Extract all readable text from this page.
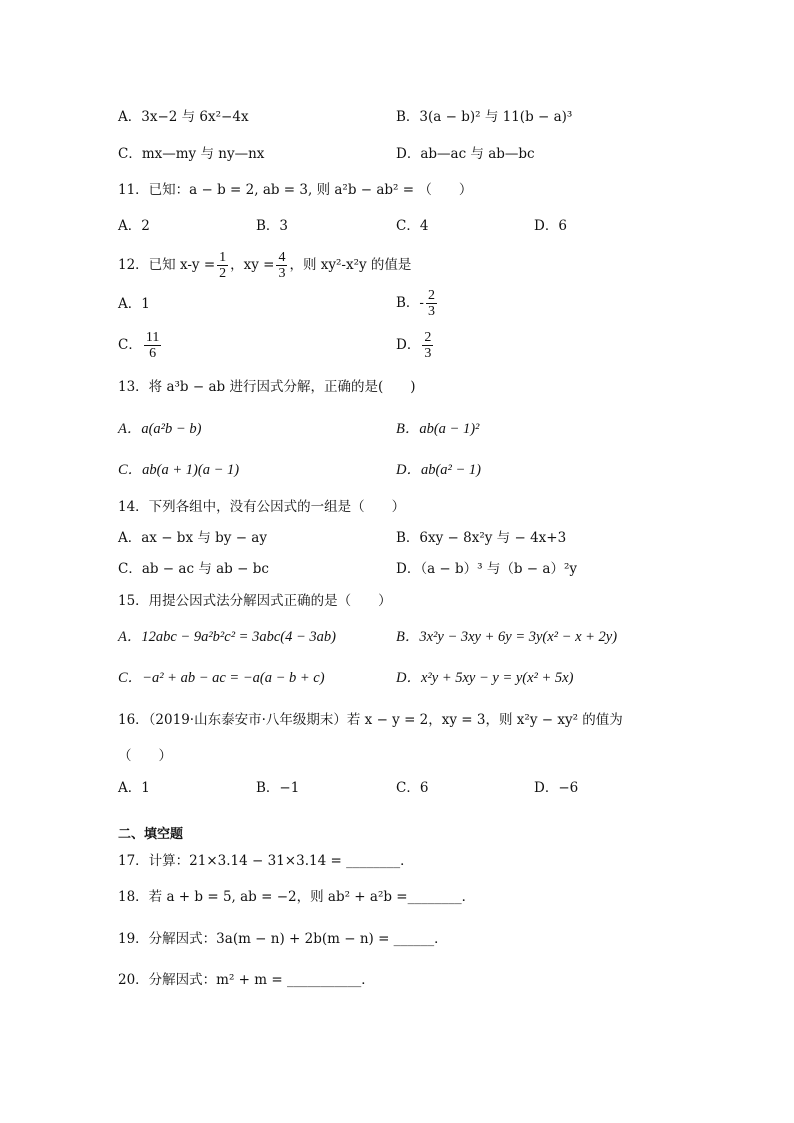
A．3x−2 与 6x²−4x	B．3(a − b)² 与 11(b − a)³
C．mx—my 与 ny—nx	D．ab—ac 与 ab—bc
11．已知：a − b = 2, ab = 3, 则 a²b − ab² = （　　）
A．2	B．3	C．4	D．6
12．已知 $x-y = \frac{1}{2}$ ，xy = $\frac{4}{3}$ ，则 xy²-x²y 的值是
A．1	B．- $\frac{2}{3}$
C． $\frac{11}{6}$	D． $\frac{2}{3}$
13．将 a³b − ab 进行因式分解，正确的是(　　)
A．a(a²b − b)	B．ab(a − 1)²
C．ab(a + 1)(a − 1)	D．ab(a² − 1)
14．下列各组中，没有公因式的一组是（　　）
A．ax − bx 与 by − ay	B．6xy − 8x²y 与 − 4x+3
C．ab − ac 与 ab − bc	D．（a − b）³ 与（b − a）²y
15．用提公因式法分解因式正确的是（　　）
A．12abc − 9a²b²c² = 3abc(4 − 3ab)	B．3x²y − 3xy + 6y = 3y(x² − x + 2y)
C．−a² + ab − ac = −a(a − b + c)	D．x²y + 5xy − y = y(x² + 5x)
16．（2019·山东泰安市·八年级期末）若 x − y = 2，xy = 3，则 x²y − xy² 的值为
（　　）
A．1	B．−1	C．6	D．−6
二、填空题
17．计算：21×3.14 − 31×3.14 = ________．
18．若 a + b = 5, ab = −2，则 ab² + a²b =________．
19．分解因式：3a(m − n) + 2b(m − n) = ______．
20．分解因式：m² + m = ___________．
